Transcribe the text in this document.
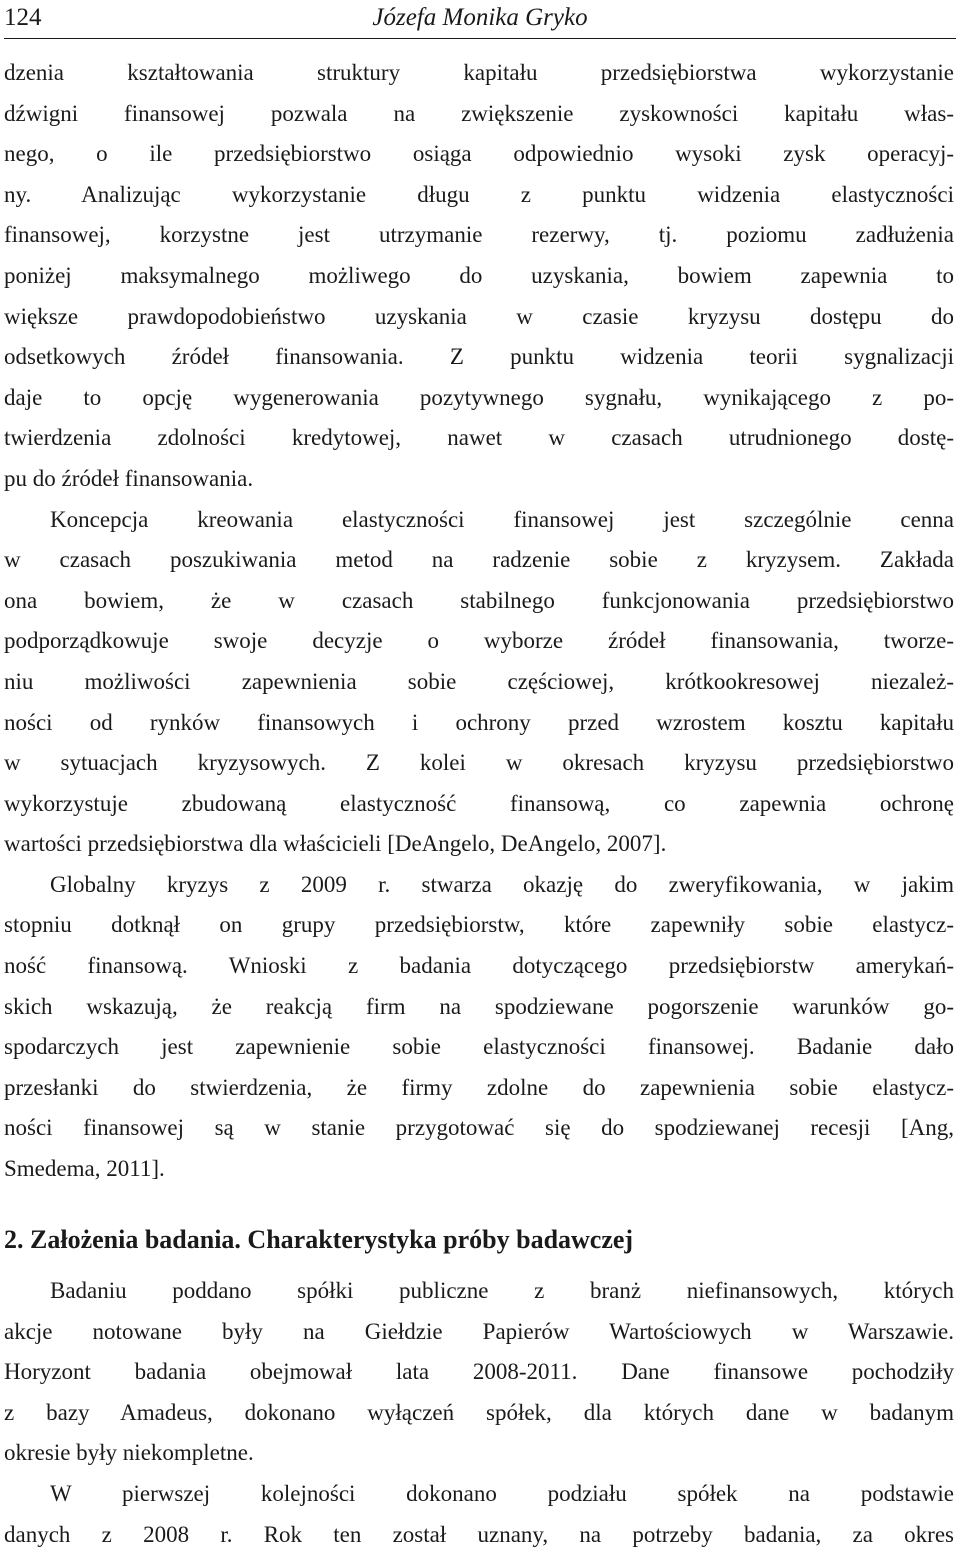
124	Józefa Monika Gryko
dzenia kształtowania struktury kapitału przedsiębiorstwa wykorzystanie
dźwigni finansowej pozwala na zwiększenie zyskowności kapitału włas-
nego, o ile przedsiębiorstwo osiąga odpowiednio wysoki zysk operacyj-
ny. Analizując wykorzystanie długu z punktu widzenia elastyczności
finansowej, korzystne jest utrzymanie rezerwy, tj. poziomu zadłużenia
poniżej maksymalnego możliwego do uzyskania, bowiem zapewnia to
większe prawdopodobieństwo uzyskania w czasie kryzysu dostępu do
odsetkowych źródeł finansowania. Z punktu widzenia teorii sygnalizacji
daje to opcję wygenerowania pozytywnego sygnału, wynikającego z po-
twierdzenia zdolności kredytowej, nawet w czasach utrudnionego dostę-
pu do źródeł finansowania.
Koncepcja kreowania elastyczności finansowej jest szczególnie cenna
w czasach poszukiwania metod na radzenie sobie z kryzysem. Zakłada
ona bowiem, że w czasach stabilnego funkcjonowania przedsiębiorstwo
podporządkowuje swoje decyzje o wyborze źródeł finansowania, tworze-
niu możliwości zapewnienia sobie częściowej, krótkookresowej niezależ-
ności od rynków finansowych i ochrony przed wzrostem kosztu kapitału
w sytuacjach kryzysowych. Z kolei w okresach kryzysu przedsiębiorstwo
wykorzystuje zbudowaną elastyczność finansową, co zapewnia ochronę
wartości przedsiębiorstwa dla właścicieli [DeAngelo, DeAngelo, 2007].
Globalny kryzys z 2009 r. stwarza okazję do zweryfikowania, w jakim
stopniu dotknął on grupy przedsiębiorstw, które zapewniły sobie elastycz-
ność finansową. Wnioski z badania dotyczącego przedsiębiorstw amerykań-
skich wskazują, że reakcją firm na spodziewane pogorszenie warunków go-
spodarczych jest zapewnienie sobie elastyczności finansowej. Badanie dało
przesłanki do stwierdzenia, że firmy zdolne do zapewnienia sobie elastycz-
ności finansowej są w stanie przygotować się do spodziewanej recesji [Ang,
Smedema, 2011].
2. Założenia badania. Charakterystyka próby badawczej
Badaniu poddano spółki publiczne z branż niefinansowych, których
akcje notowane były na Giełdzie Papierów Wartościowych w Warszawie.
Horyzont badania obejmował lata 2008-2011. Dane finansowe pochodziły
z bazy Amadeus, dokonano wyłączeń spółek, dla których dane w badanym
okresie były niekompletne.
W pierwszej kolejności dokonano podziału spółek na podstawie
danych z 2008 r. Rok ten został uznany, na potrzeby badania, za okres
